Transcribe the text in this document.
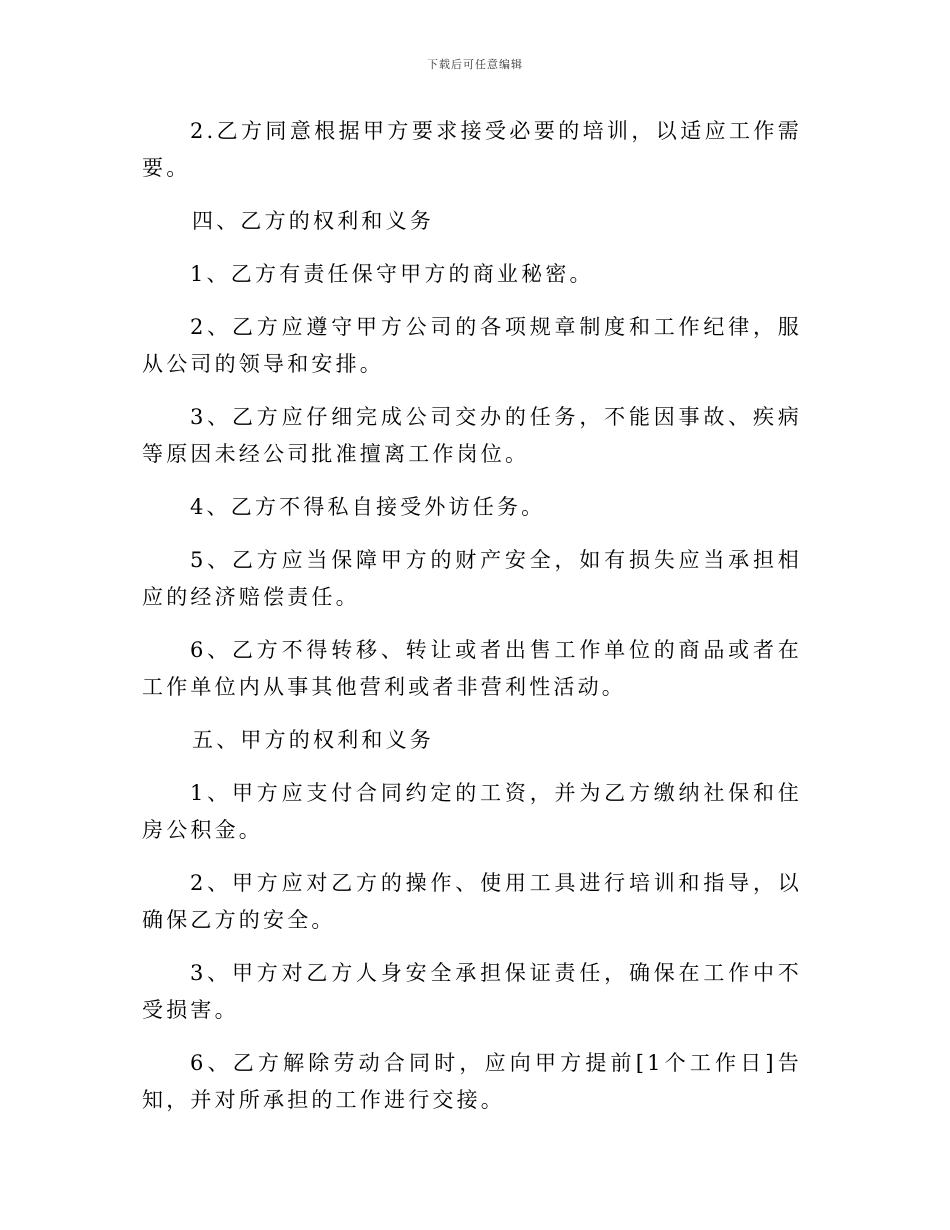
下载后可任意编辑

2.乙方同意根据甲方要求接受必要的培训，以适应工作需要。

四、乙方的权利和义务

1、乙方有责任保守甲方的商业秘密。

2、乙方应遵守甲方公司的各项规章制度和工作纪律，服从公司的领导和安排。

3、乙方应仔细完成公司交办的任务，不能因事故、疾病等原因未经公司批准擅离工作岗位。

4、乙方不得私自接受外访任务。

5、乙方应当保障甲方的财产安全，如有损失应当承担相应的经济赔偿责任。

6、乙方不得转移、转让或者出售工作单位的商品或者在工作单位内从事其他营利或者非营利性活动。

五、甲方的权利和义务

1、甲方应支付合同约定的工资，并为乙方缴纳社保和住房公积金。

2、甲方应对乙方的操作、使用工具进行培训和指导，以确保乙方的安全。

3、甲方对乙方人身安全承担保证责任，确保在工作中不受损害。

6、乙方解除劳动合同时，应向甲方提前[1个工作日]告知，并对所承担的工作进行交接。
